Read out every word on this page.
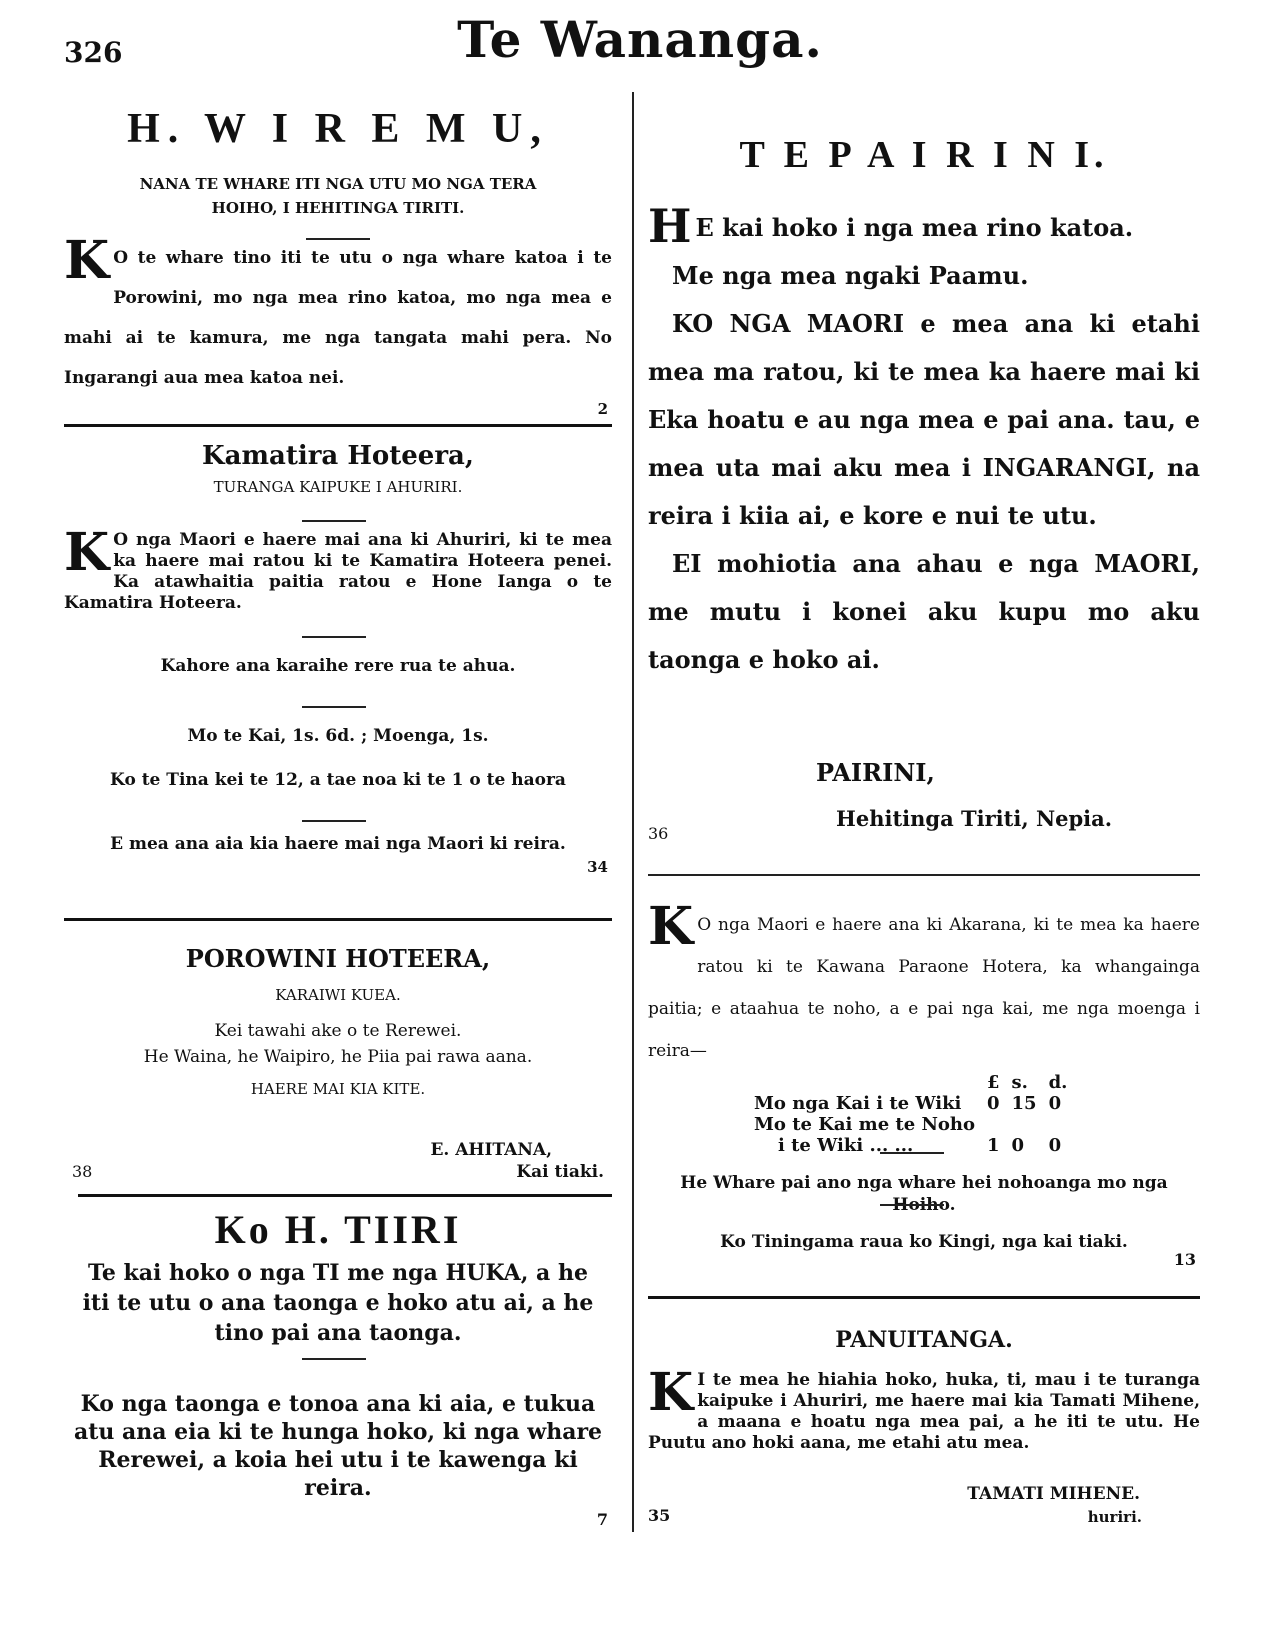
326	Te Wananga.
H. W I R E M U,
NANA TE WHARE ITI NGA UTU MO NGA TERA
HOIHO, I HEHITINGA TIRITI.
K O te whare tino iti te utu o nga whare katoa i te Porowini, mo nga mea rino katoa, mo nga mea e mahi ai te kamura, me nga tangata mahi pera. No Ingarangi aua mea katoa nei.
2
Kamatira Hoteera,
TURANGA KAIPUKE I AHURIRI.
K O nga Maori e haere mai ana ki Ahuriri, ki te mea ka haere mai ratou ki te Kamatira Hoteera penei. Ka atawhaitia paitia ratou e Hone Ianga o te Kamatira Hoteera.
Kahore ana karaihe rere rua te ahua.
Mo te Kai, 1s. 6d. ; Moenga, 1s.
Ko te Tina kei te 12, a tae noa ki te 1 o te haora
E mea ana aia kia haere mai nga Maori ki reira.
34
POROWINI HOTEERA,
KARAIWI KUEA.
Kei tawahi ake o te Rerewei.
He Waina, he Waipiro, he Piia pai rawa aana.
HAERE MAI KIA KITE.
E. AHITANA,
38	Kai tiaki.
Ko H. TIIRI
Te kai hoko o nga TI me nga HUKA, a he iti te utu o ana taonga e hoko atu ai, a he tino pai ana taonga.
Ko nga taonga e tonoa ana ki aia, e tukua atu ana eia ki te hunga hoko, ki nga whare Rerewei, a koia hei utu i te kawenga ki reira.
7
T E P A I R I N I.
H E kai hoko i nga mea rino katoa.
Me nga mea ngaki Paamu.
KO NGA MAORI e mea ana ki etahi mea ma ratou, ki te mea ka haere mai ki Eka hoatu e au nga mea e pai ana. tau, e mea uta mai aku mea i INGARANGI, na reira i kiia ai, e kore e nui te utu.
EI mohiotia ana ahau e nga MAORI, me mutu i konei aku kupu mo aku taonga e hoko ai.
PAIRINI,
Hehitinga Tiriti, Nepia.
36
K O nga Maori e haere ana ki Akarana, ki te mea ka haere ratou ki te Kawana Paraone Hotera, ka whangainga paitia; e ataahua te noho, a e pai nga kai, me nga moenga i reira—
	£	s.	d.
Mo nga Kai i te Wiki	0	15	0
Mo te Kai me te Noho			
i te Wiki ... ...	1	0	0
He Whare pai ano nga whare hei nohoanga mo nga Hoiho.
Ko Tiningama raua ko Kingi, nga kai tiaki.
13
PANUITANGA.
K I te mea he hiahia hoko, huka, ti, mau i te turanga kaipuke i Ahuriri, me haere mai kia Tamati Mihene, a maana e hoatu nga mea pai, a he iti te utu. He Puutu ano hoki aana, me etahi atu mea.
TAMATI MIHENE.
35	huriri.
